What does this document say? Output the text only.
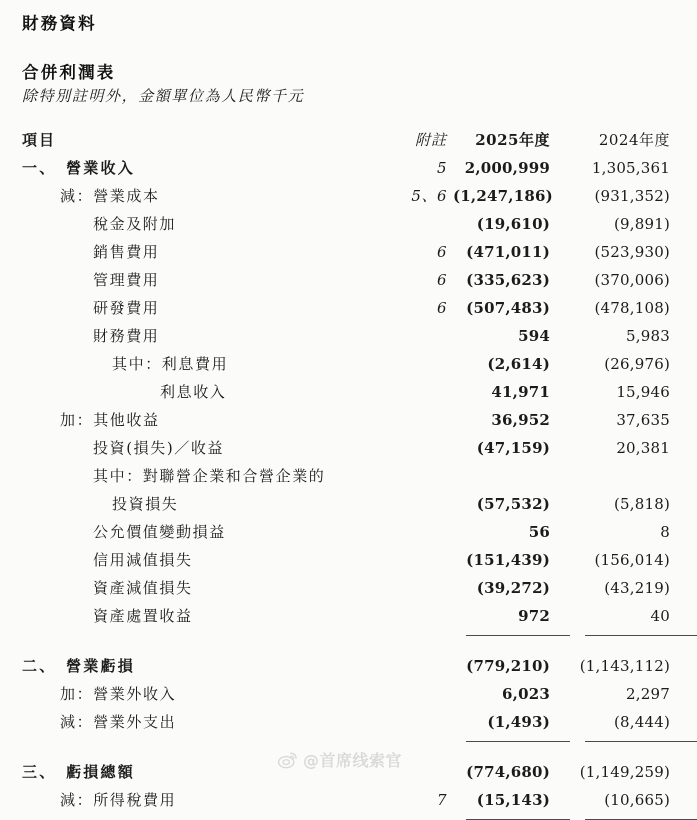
財務資料
合併利潤表
除特別註明外，金額單位為人民幣千元
項目	附註	2025年度	2024年度
一、　營業收入	5	2,000,999	1,305,361
減：營業成本	5、6	(1,247,186)	(931,352)
稅金及附加		(19,610)	(9,891)
銷售費用	6	(471,011)	(523,930)
管理費用	6	(335,623)	(370,006)
研發費用	6	(507,483)	(478,108)
財務費用		594	5,983
其中：利息費用		(2,614)	(26,976)
利息收入		41,971	15,946
加：其他收益		36,952	37,635
投資(損失)／收益		(47,159)	20,381
其中：對聯營企業和合營企業的			
投資損失		(57,532)	(5,818)
公允價值變動損益		56	8
信用減值損失		(151,439)	(156,014)
資產減值損失		(39,272)	(43,219)
資產處置收益		972	40

二、　營業虧損		(779,210)	(1,143,112)
加：營業外收入		6,023	2,297
減：營業外支出		(1,493)	(8,444)

三、　虧損總額		(774,680)	(1,149,259)
減：所得稅費用	7	(15,143)	(10,665)
@首席线索官
